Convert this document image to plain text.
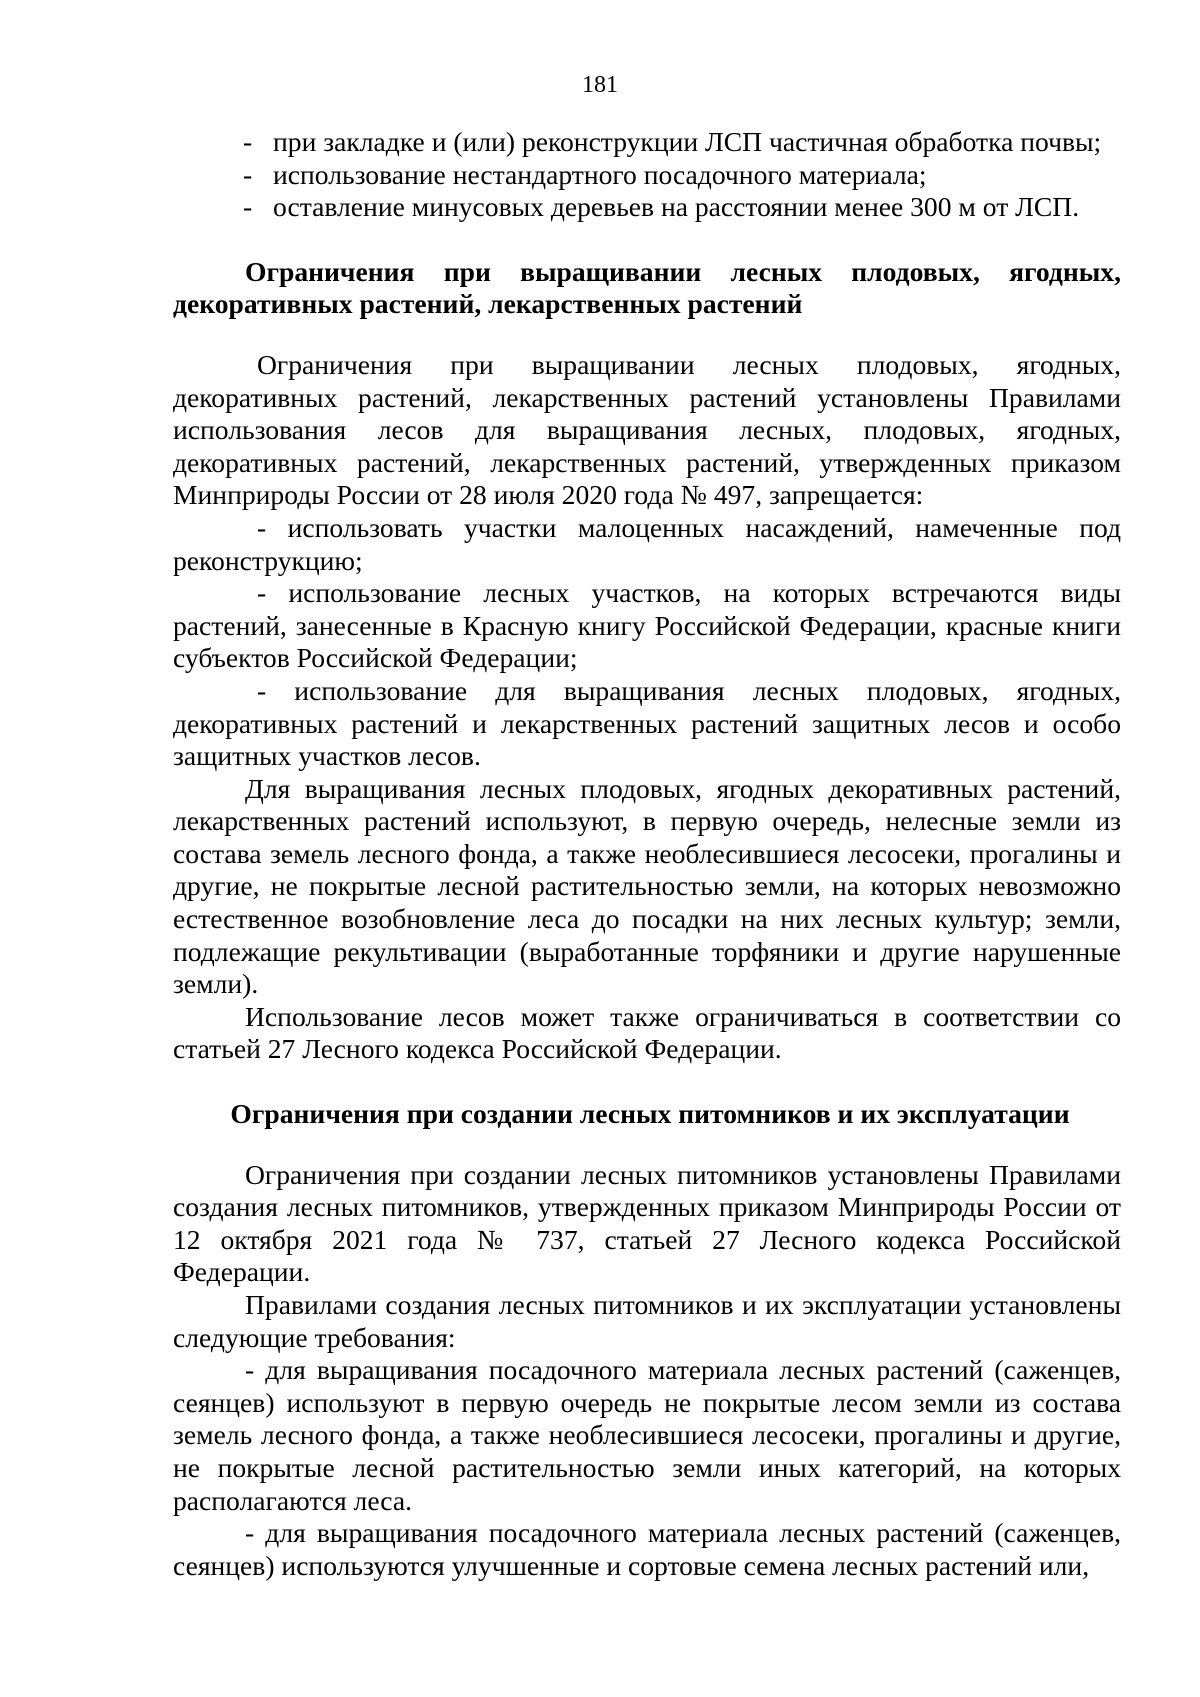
181

- при закладке и (или) реконструкции ЛСП частичная обработка почвы;

- использование нестандартного посадочного материала;

- оставление минусовых деревьев на расстоянии менее 300 м от ЛСП.

Ограничения при выращивании лесных плодовых, ягодных, декоративных растений, лекарственных растений

Ограничения при выращивании лесных плодовых, ягодных, декоративных растений, лекарственных растений установлены Правилами использования лесов для выращивания лесных, плодовых, ягодных, декоративных растений, лекарственных растений, утвержденных приказом Минприроды России от 28 июля 2020 года № 497, запрещается:

- использовать участки малоценных насаждений, намеченные под реконструкцию;

- использование лесных участков, на которых встречаются виды растений, занесенные в Красную книгу Российской Федерации, красные книги субъектов Российской Федерации;

- использование для выращивания лесных плодовых, ягодных, декоративных растений и лекарственных растений защитных лесов и особо защитных участков лесов.

Для выращивания лесных плодовых, ягодных декоративных растений, лекарственных растений используют, в первую очередь, нелесные земли из состава земель лесного фонда, а также необлесившиеся лесосеки, прогалины и другие, не покрытые лесной растительностью земли, на которых невозможно естественное возобновление леса до посадки на них лесных культур; земли, подлежащие рекультивации (выработанные торфяники и другие нарушенные земли).

Использование лесов может также ограничиваться в соответствии со статьей 27 Лесного кодекса Российской Федерации.

Ограничения при создании лесных питомников и их эксплуатации

Ограничения при создании лесных питомников установлены Правилами создания лесных питомников, утвержденных приказом Минприроды России от 12 октября 2021 года № 737, статьей 27 Лесного кодекса Российской Федерации.

Правилами создания лесных питомников и их эксплуатации установлены следующие требования:

- для выращивания посадочного материала лесных растений (саженцев, сеянцев) используют в первую очередь не покрытые лесом земли из состава земель лесного фонда, а также необлесившиеся лесосеки, прогалины и другие, не покрытые лесной растительностью земли иных категорий, на которых располагаются леса.

- для выращивания посадочного материала лесных растений (саженцев, сеянцев) используются улучшенные и сортовые семена лесных растений или,
